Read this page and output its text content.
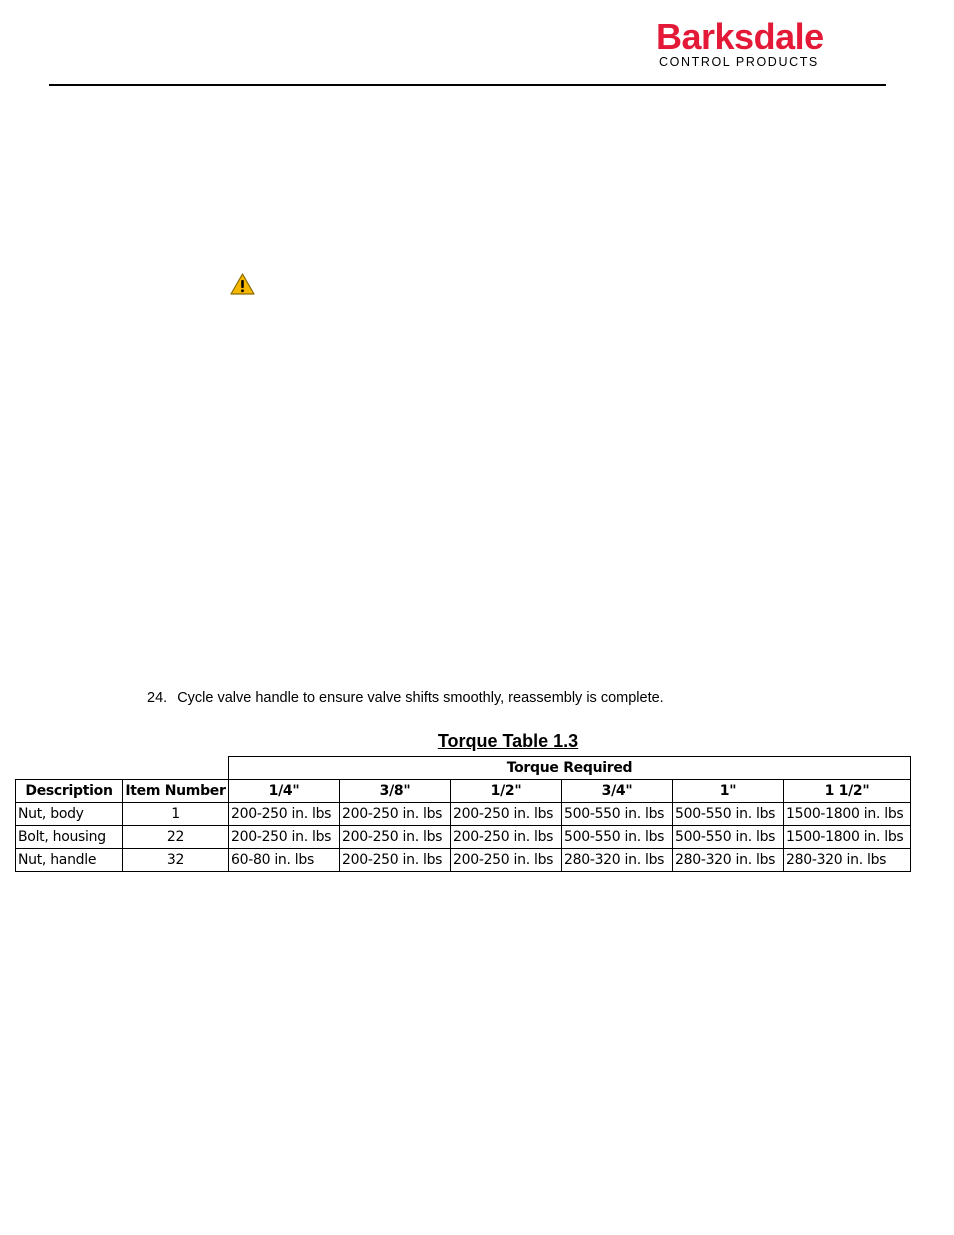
Barksdale
CONTROL PRODUCTS
24. Cycle valve handle to ensure valve shifts smoothly, reassembly is complete.
Torque Table 1.3
		Torque Required					
Description	Item Number	1/4"	3/8"	1/2"	3/4"	1"	1 1/2"
Nut, body	1	200-250 in. lbs	200-250 in. lbs	200-250 in. lbs	500-550 in. lbs	500-550 in. lbs	1500-1800 in. lbs
Bolt, housing	22	200-250 in. lbs	200-250 in. lbs	200-250 in. lbs	500-550 in. lbs	500-550 in. lbs	1500-1800 in. lbs
Nut, handle	32	60-80 in. lbs	200-250 in. lbs	200-250 in. lbs	280-320 in. lbs	280-320 in. lbs	280-320 in. lbs
